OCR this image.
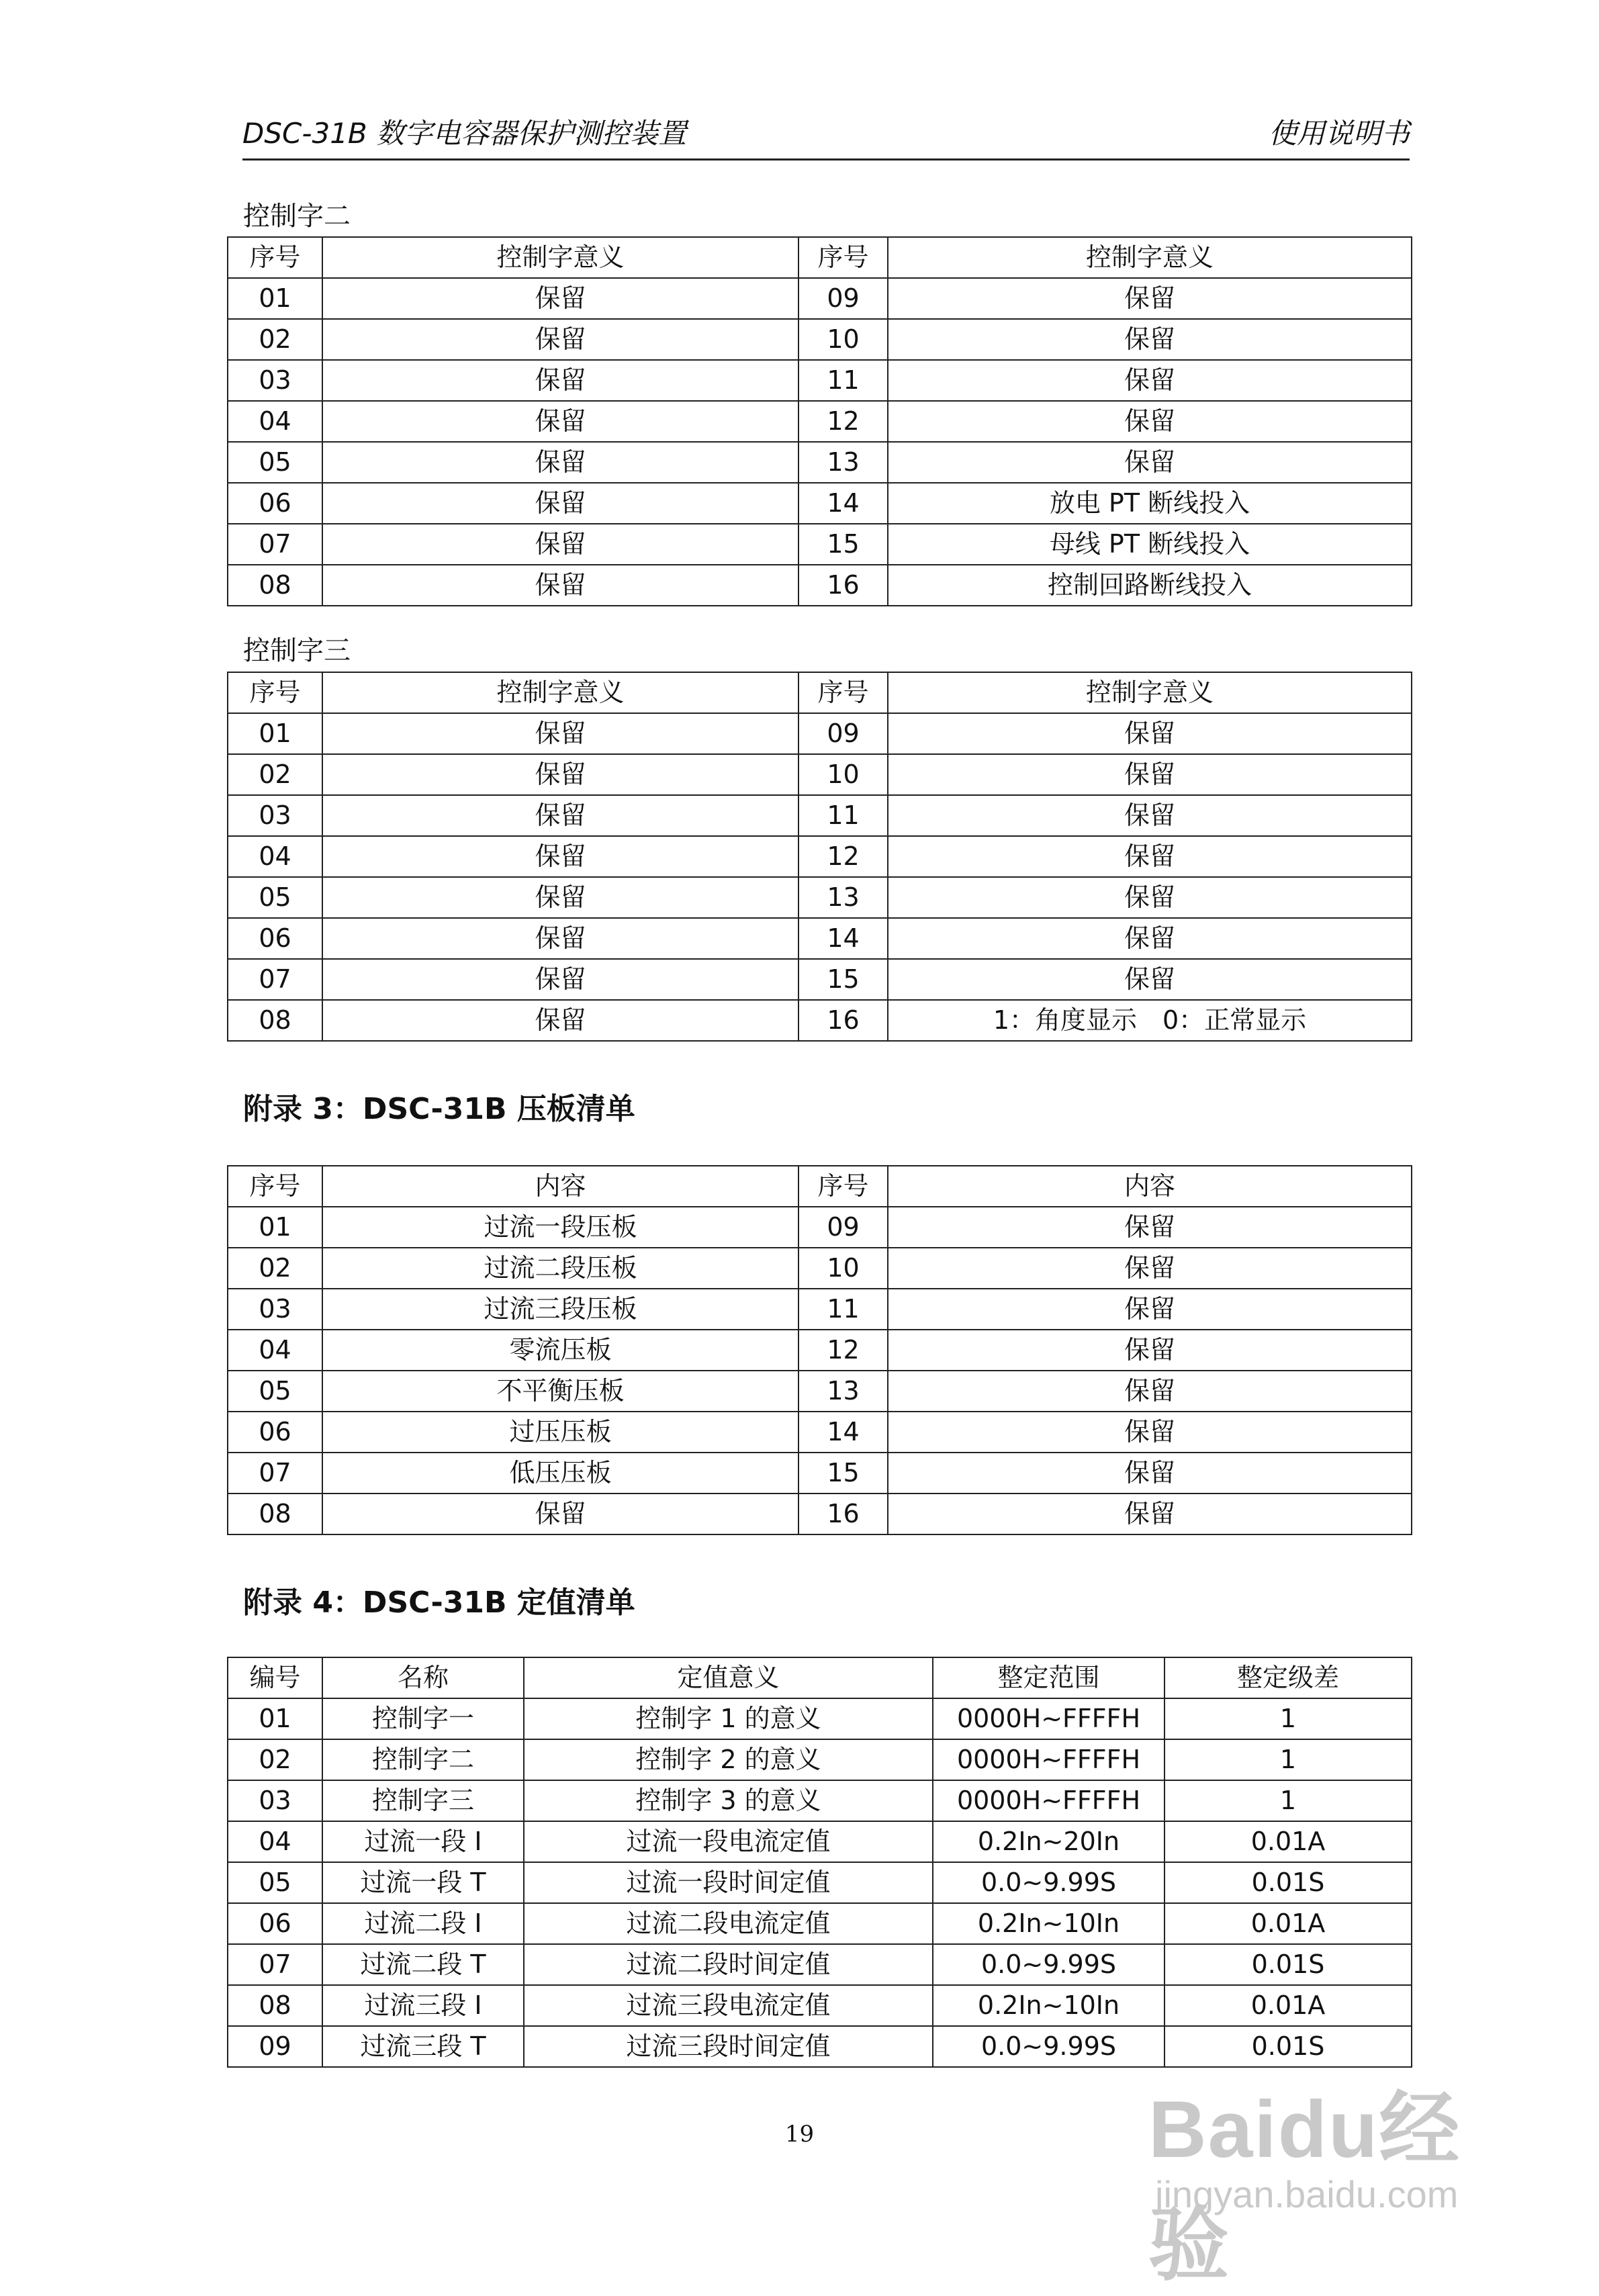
DSC-31B 数字电容器保护测控装置	使用说明书
控制字二
序号	控制字意义	序号	控制字意义
01	保留	09	保留
02	保留	10	保留
03	保留	11	保留
04	保留	12	保留
05	保留	13	保留
06	保留	14	放电 PT 断线投入
07	保留	15	母线 PT 断线投入
08	保留	16	控制回路断线投入
控制字三
序号	控制字意义	序号	控制字意义
01	保留	09	保留
02	保留	10	保留
03	保留	11	保留
04	保留	12	保留
05	保留	13	保留
06	保留	14	保留
07	保留	15	保留
08	保留	16	1：角度显示　0：正常显示
附录 3：DSC-31B 压板清单
序号	内容	序号	内容
01	过流一段压板	09	保留
02	过流二段压板	10	保留
03	过流三段压板	11	保留
04	零流压板	12	保留
05	不平衡压板	13	保留
06	过压压板	14	保留
07	低压压板	15	保留
08	保留	16	保留
附录 4：DSC-31B 定值清单
编号	名称	定值意义	整定范围	整定级差
01	控制字一	控制字 1 的意义	0000H~FFFFH	1
02	控制字二	控制字 2 的意义	0000H~FFFFH	1
03	控制字三	控制字 3 的意义	0000H~FFFFH	1
04	过流一段 I	过流一段电流定值	0.2In~20In	0.01A
05	过流一段 T	过流一段时间定值	0.0~9.99S	0.01S
06	过流二段 I	过流二段电流定值	0.2In~10In	0.01A
07	过流二段 T	过流二段时间定值	0.0~9.99S	0.01S
08	过流三段 I	过流三段电流定值	0.2In~10In	0.01A
09	过流三段 T	过流三段时间定值	0.0~9.99S	0.01S
19	Baidu经验
jingyan.baidu.com
